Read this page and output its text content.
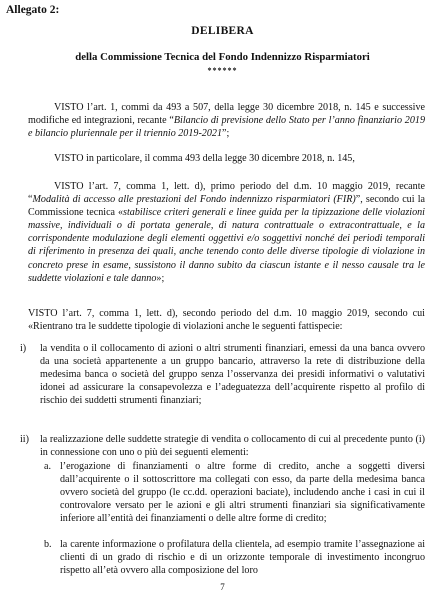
Allegato 2:
DELIBERA
della Commissione Tecnica del Fondo Indennizzo Risparmiatori
******

VISTO l’art. 1, commi da 493 a 507, della legge 30 dicembre 2018, n. 145 e successive modifiche ed integrazioni, recante “Bilancio di previsione dello Stato per l’anno finanziario 2019 e bilancio pluriennale per il triennio 2019-2021”;

VISTO in particolare, il comma 493 della legge 30 dicembre 2018, n. 145,

VISTO l’art. 7, comma 1, lett. d), primo periodo del d.m. 10 maggio 2019, recante “Modalità di accesso alle prestazioni del Fondo indennizzo risparmiatori (FIR)”, secondo cui la Commissione tecnica «stabilisce criteri generali e linee guida per la tipizzazione delle violazioni massive, individuali o di portata generale, di natura contrattuale o extracontrattuale, e la corrispondente modulazione degli elementi oggettivi e/o soggettivi nonché dei periodi temporali di riferimento in presenza dei quali, anche tenendo conto delle diverse tipologie di violazione in concreto prese in esame, sussistono il danno subito da ciascun istante e il nesso causale tra le suddette violazioni e tale danno»;

VISTO l’art. 7, comma 1, lett. d), secondo periodo del d.m. 10 maggio 2019, secondo cui «Rientrano tra le suddette tipologie di violazioni anche le seguenti fattispecie:

i) la vendita o il collocamento di azioni o altri strumenti finanziari, emessi da una banca ovvero da una società appartenente a un gruppo bancario, attraverso la rete di distribuzione della medesima banca o società del gruppo senza l’osservanza dei presidi informativi o valutativi idonei ad assicurare la consapevolezza e l’adeguatezza dell’acquirente rispetto al profilo di rischio dei suddetti strumenti finanziari;

ii) la realizzazione delle suddette strategie di vendita o collocamento di cui al precedente punto (i) in connessione con uno o più dei seguenti elementi:

a. l’erogazione di finanziamenti o altre forme di credito, anche a soggetti diversi dall’acquirente o il sottoscrittore ma collegati con esso, da parte della medesima banca ovvero società del gruppo (le cc.dd. operazioni baciate), includendo anche i casi in cui il controvalore versato per le azioni e gli altri strumenti finanziari sia significativamente inferiore all’entità dei finanziamenti o delle altre forme di credito;

b. la carente informazione o profilatura della clientela, ad esempio tramite l’assegnazione ai clienti di un grado di rischio e di un orizzonte temporale di investimento incongruo rispetto all’età ovvero alla composizione del loro

7
